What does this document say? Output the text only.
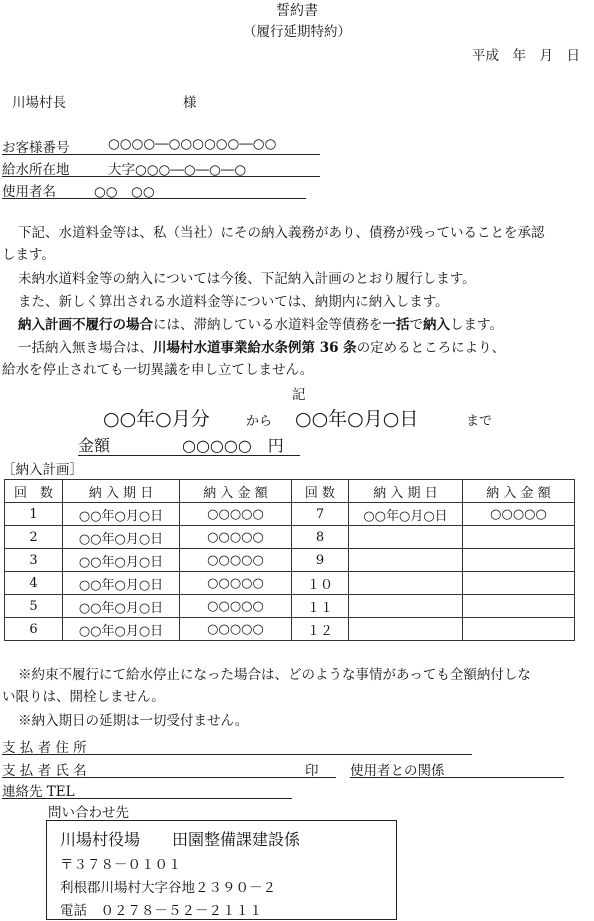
誓約書
（履行延期特約）
平成　年　月　日
川場村長	様
お客様番号	○○○○―○○○○○○―○○
給水所在地	大字○○○―○―○―○
使用者名	○○　○○
下記、水道料金等は、私（当社）にその納入義務があり、債務が残っていることを承認
します。
未納水道料金等の納入については今後、下記納入計画のとおり履行します。
また、新しく算出される水道料金等については、納期内に納入します。
納入計画不履行の場合には、滞納している水道料金等債務を一括で納入します。
一括納入無き場合は、川場村水道事業給水条例第 36 条の定めるところにより、
給水を停止されても一切異議を申し立てしません。
記
○○年○月分	から ○○年○月○日	まで
金額	○○○○○　円
［納入計画］
回　数	納 入 期 日	納 入 金 額	回 数	納 入 期 日	納 入 金 額
1	○○年○月○日	○○○○○	7	○○年○月○日	○○○○○
2	○○年○月○日	○○○○○	8		
3	○○年○月○日	○○○○○	9		
4	○○年○月○日	○○○○○	１０		
5	○○年○月○日	○○○○○	１１		
6	○○年○月○日	○○○○○	１２		
※約束不履行にて給水停止になった場合は、どのような事情があっても全額納付しな
い限りは、開栓しません。
※納入期日の延期は一切受付ません。
支 払 者 住 所
支 払 者 氏 名	印 使用者との関係
連絡先 TEL
問い合わせ先
川場村役場　　田園整備課建設係
〒３７８－０１０１
利根郡川場村大字谷地２３９０－２
電話　０２７８－５２－２１１１
